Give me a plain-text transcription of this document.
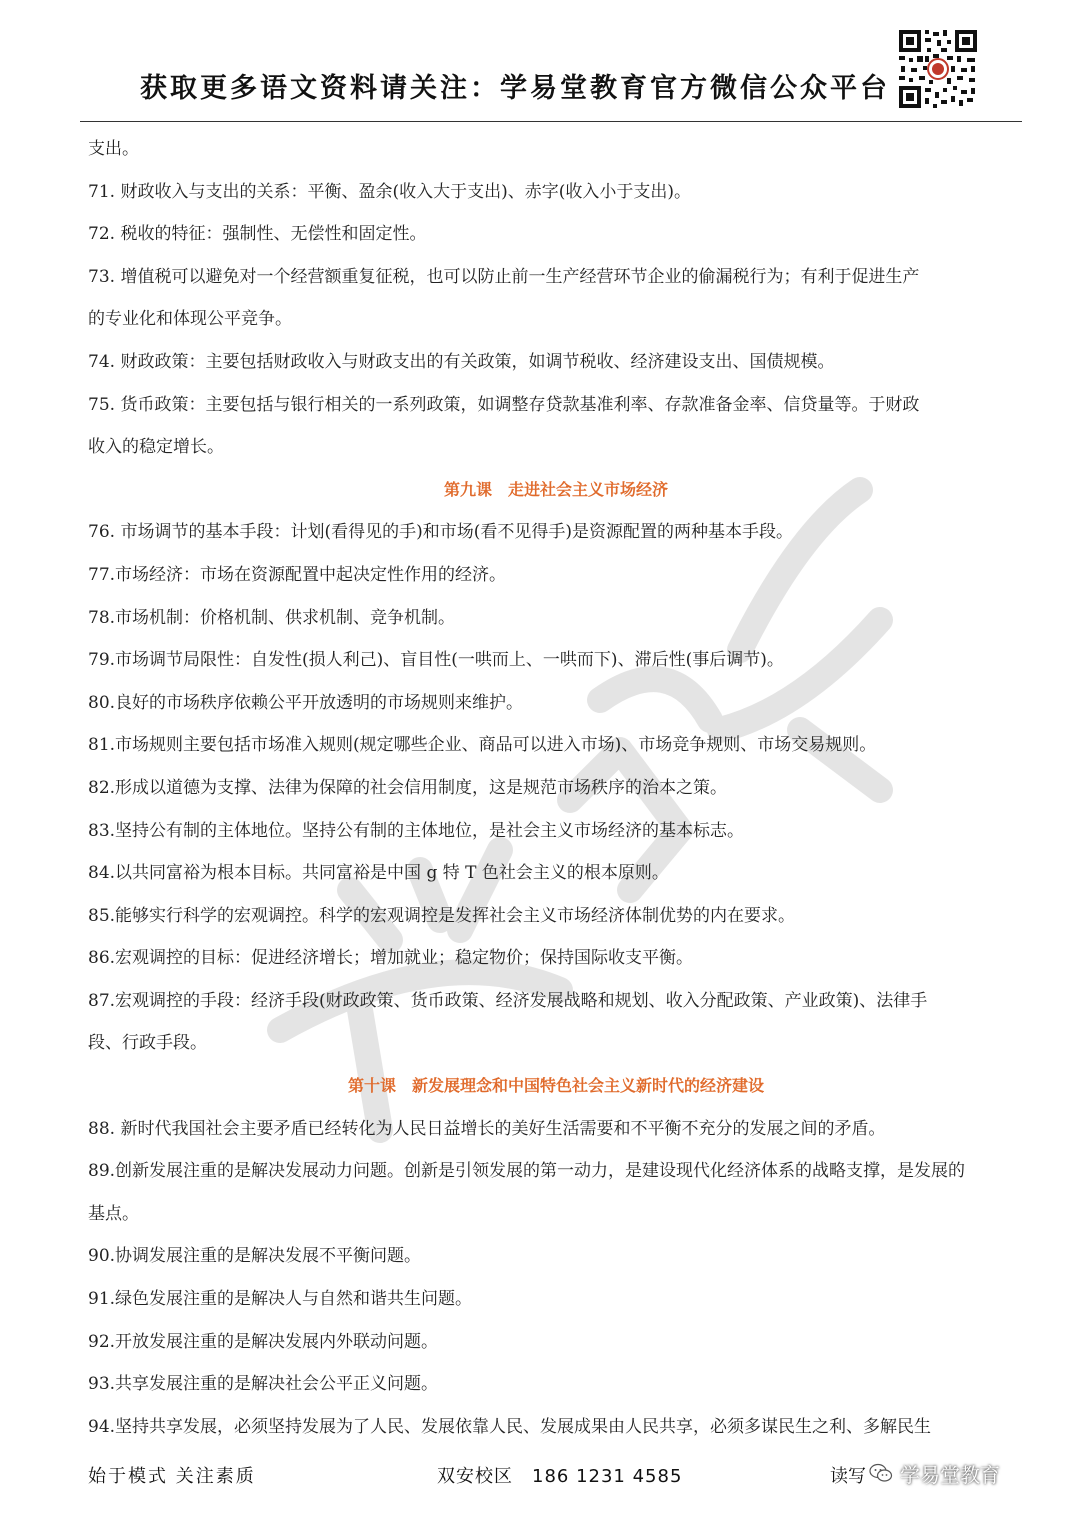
获取更多语文资料请关注：学易堂教育官方微信公众平台

支出。

71. 财政收入与支出的关系：平衡、盈余(收入大于支出)、赤字(收入小于支出)。

72. 税收的特征：强制性、无偿性和固定性。

73. 增值税可以避免对一个经营额重复征税，也可以防止前一生产经营环节企业的偷漏税行为；有利于促进生产

的专业化和体现公平竞争。

74. 财政政策：主要包括财政收入与财政支出的有关政策，如调节税收、经济建设支出、国债规模。

75. 货币政策：主要包括与银行相关的一系列政策，如调整存贷款基准利率、存款准备金率、信贷量等。于财政

收入的稳定增长。

第九课　走进社会主义市场经济

76. 市场调节的基本手段：计划(看得见的手)和市场(看不见得手)是资源配置的两种基本手段。

77.市场经济：市场在资源配置中起决定性作用的经济。

78.市场机制：价格机制、供求机制、竞争机制。

79.市场调节局限性：自发性(损人利己)、盲目性(一哄而上、一哄而下)、滞后性(事后调节)。

80.良好的市场秩序依赖公平开放透明的市场规则来维护。

81.市场规则主要包括市场准入规则(规定哪些企业、商品可以进入市场)、市场竞争规则、市场交易规则。

82.形成以道德为支撑、法律为保障的社会信用制度，这是规范市场秩序的治本之策。

83.坚持公有制的主体地位。坚持公有制的主体地位，是社会主义市场经济的基本标志。

84.以共同富裕为根本目标。共同富裕是中国 g 特 T 色社会主义的根本原则。

85.能够实行科学的宏观调控。科学的宏观调控是发挥社会主义市场经济体制优势的内在要求。

86.宏观调控的目标：促进经济增长；增加就业；稳定物价；保持国际收支平衡。

87.宏观调控的手段：经济手段(财政政策、货币政策、经济发展战略和规划、收入分配政策、产业政策)、法律手

段、行政手段。

第十课　新发展理念和中国特色社会主义新时代的经济建设

88. 新时代我国社会主要矛盾已经转化为人民日益增长的美好生活需要和不平衡不充分的发展之间的矛盾。

89.创新发展注重的是解决发展动力问题。创新是引领发展的第一动力，是建设现代化经济体系的战略支撑，是发展的

基点。

90.协调发展注重的是解决发展不平衡问题。

91.绿色发展注重的是解决人与自然和谐共生问题。

92.开放发展注重的是解决发展内外联动问题。

93.共享发展注重的是解决社会公平正义问题。

94.坚持共享发展，必须坚持发展为了人民、发展依靠人民、发展成果由人民共享，必须多谋民生之利、多解民生

始于模式 关注素质	双安校区　186 1231 4585	读写 学易堂教育
